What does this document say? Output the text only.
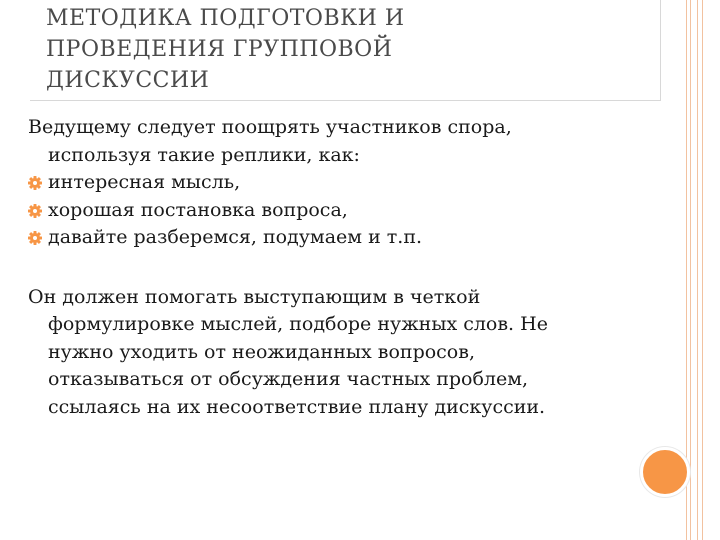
МЕТОДИКА ПОДГОТОВКИ И
ПРОВЕДЕНИЯ ГРУППОВОЙ
ДИСКУССИИ

Ведущему следует поощрять участников спора,
используя такие реплики, как:

интересная мысль,
хорошая постановка вопроса,
давайте разберемся, подумаем и т.п.

Он должен помогать выступающим в четкой
формулировке мыслей, подборе нужных слов. Не
нужно уходить от неожиданных вопросов,
отказываться от обсуждения частных проблем,
ссылаясь на их несоответствие плану дискуссии.
